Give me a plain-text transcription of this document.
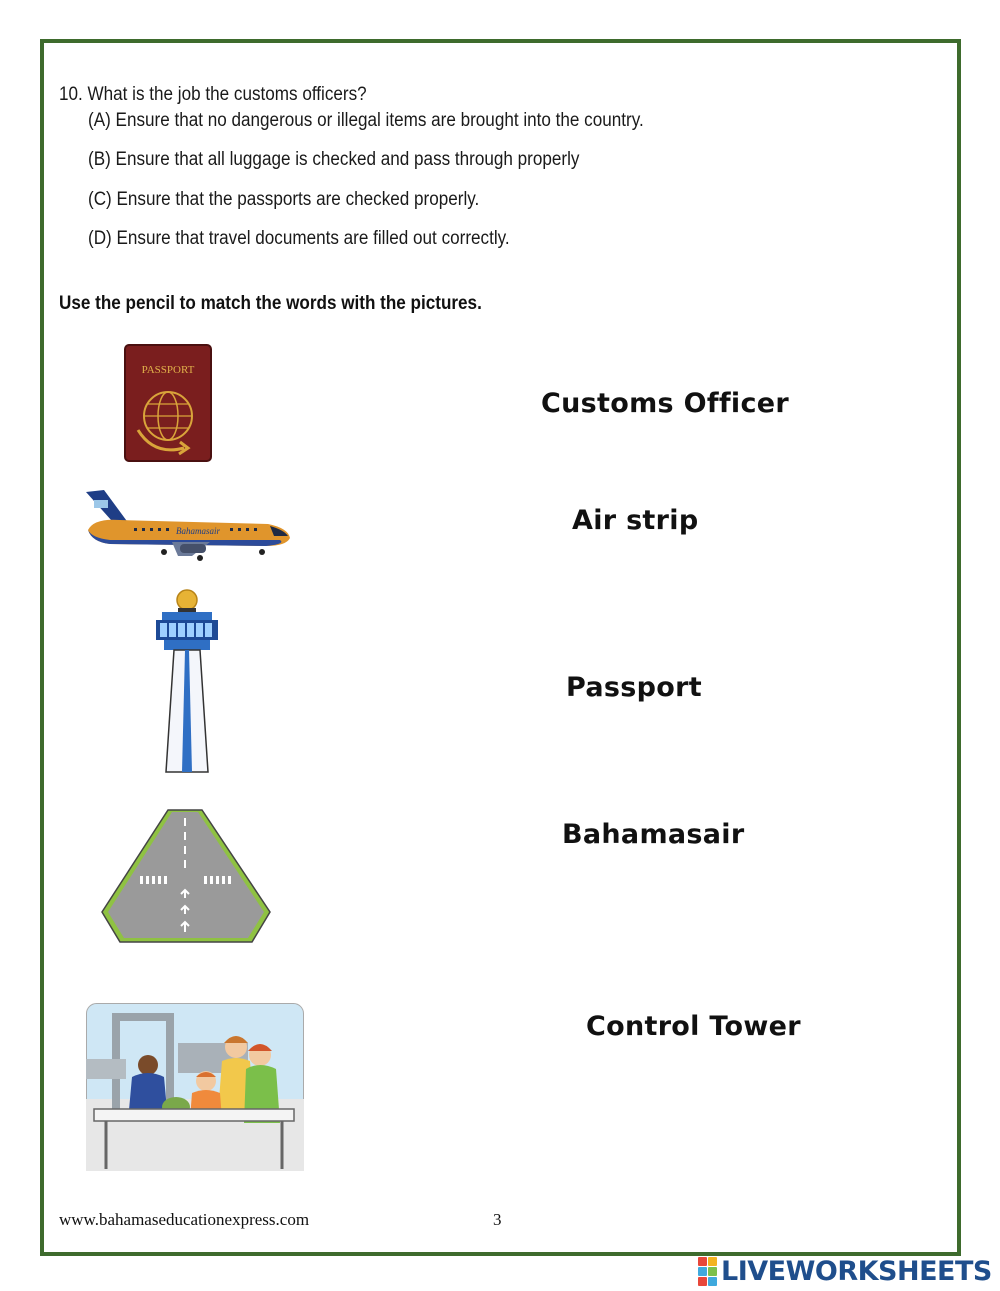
10. What is the job the customs officers?
(A) Ensure that no dangerous or illegal items are brought into the country.
(B) Ensure that all luggage is checked and pass through properly
(C) Ensure that the passports are checked properly.
(D) Ensure that travel documents are filled out correctly.
Use the pencil to match the words with the pictures.
PASSPORT
Bahamasair
Customs Officer
Air strip
Passport
Bahamasair
Control Tower
www.bahamaseducationexpress.com	3
LIVEWORKSHEETS
